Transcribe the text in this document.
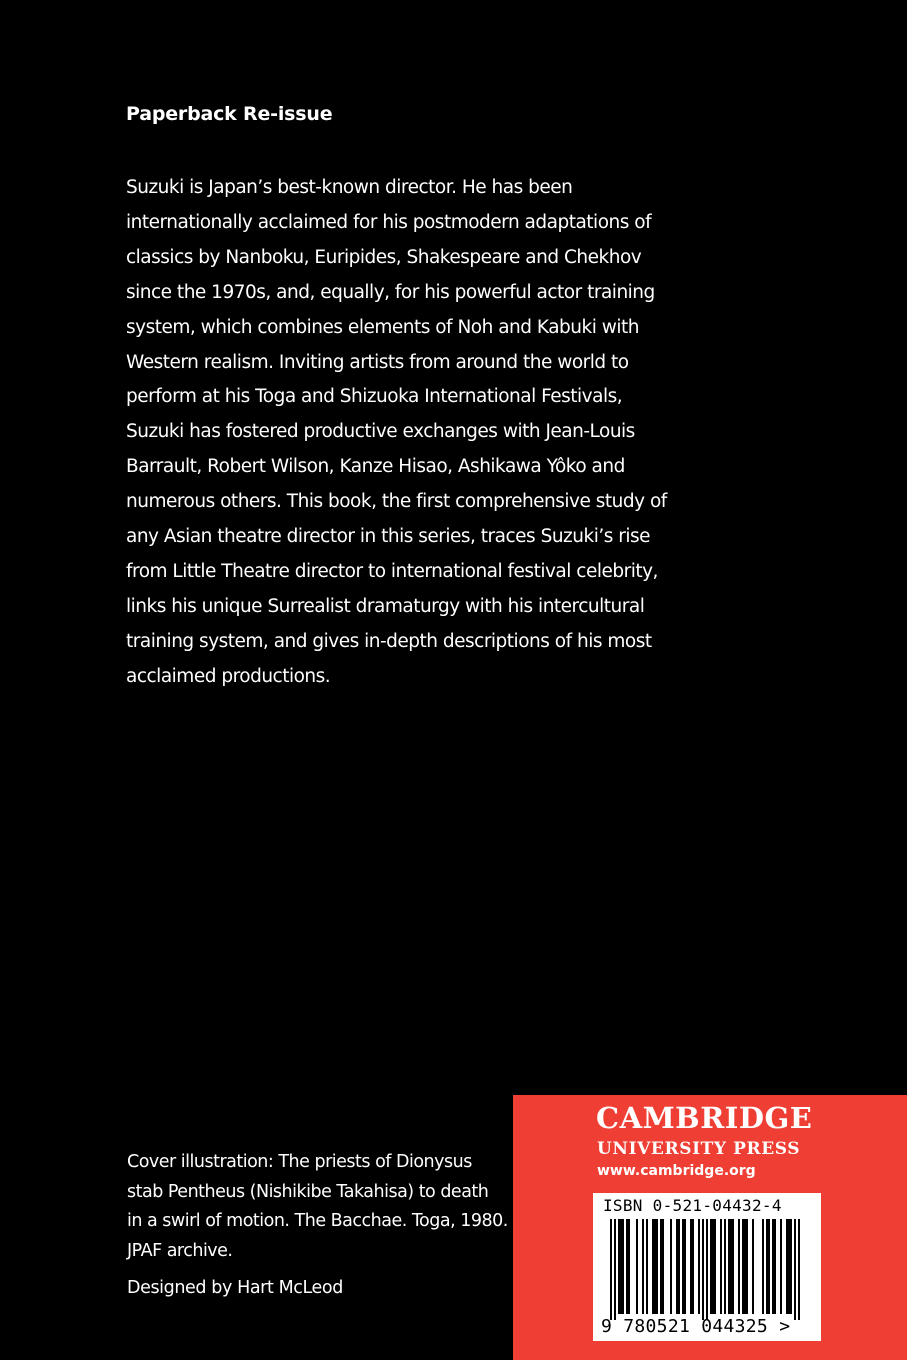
Paperback Re-issue

Suzuki is Japan’s best-known director. He has been
internationally acclaimed for his postmodern adaptations of
classics by Nanboku, Euripides, Shakespeare and Chekhov
since the 1970s, and, equally, for his powerful actor training
system, which combines elements of Noh and Kabuki with
Western realism. Inviting artists from around the world to
perform at his Toga and Shizuoka International Festivals,
Suzuki has fostered productive exchanges with Jean-Louis
Barrault, Robert Wilson, Kanze Hisao, Ashikawa Yôko and
numerous others. This book, the first comprehensive study of
any Asian theatre director in this series, traces Suzuki’s rise
from Little Theatre director to international festival celebrity,
links his unique Surrealist dramaturgy with his intercultural
training system, and gives in-depth descriptions of his most
acclaimed productions.

Cover illustration: The priests of Dionysus
stab Pentheus (Nishikibe Takahisa) to death
in a swirl of motion. The Bacchae. Toga, 1980.
JPAF archive.
Designed by Hart McLeod
CAMBRIDGE
UNIVERSITY PRESS
www.cambridge.org
ISBN 0-521-04432-4
9 780521 044325 >
